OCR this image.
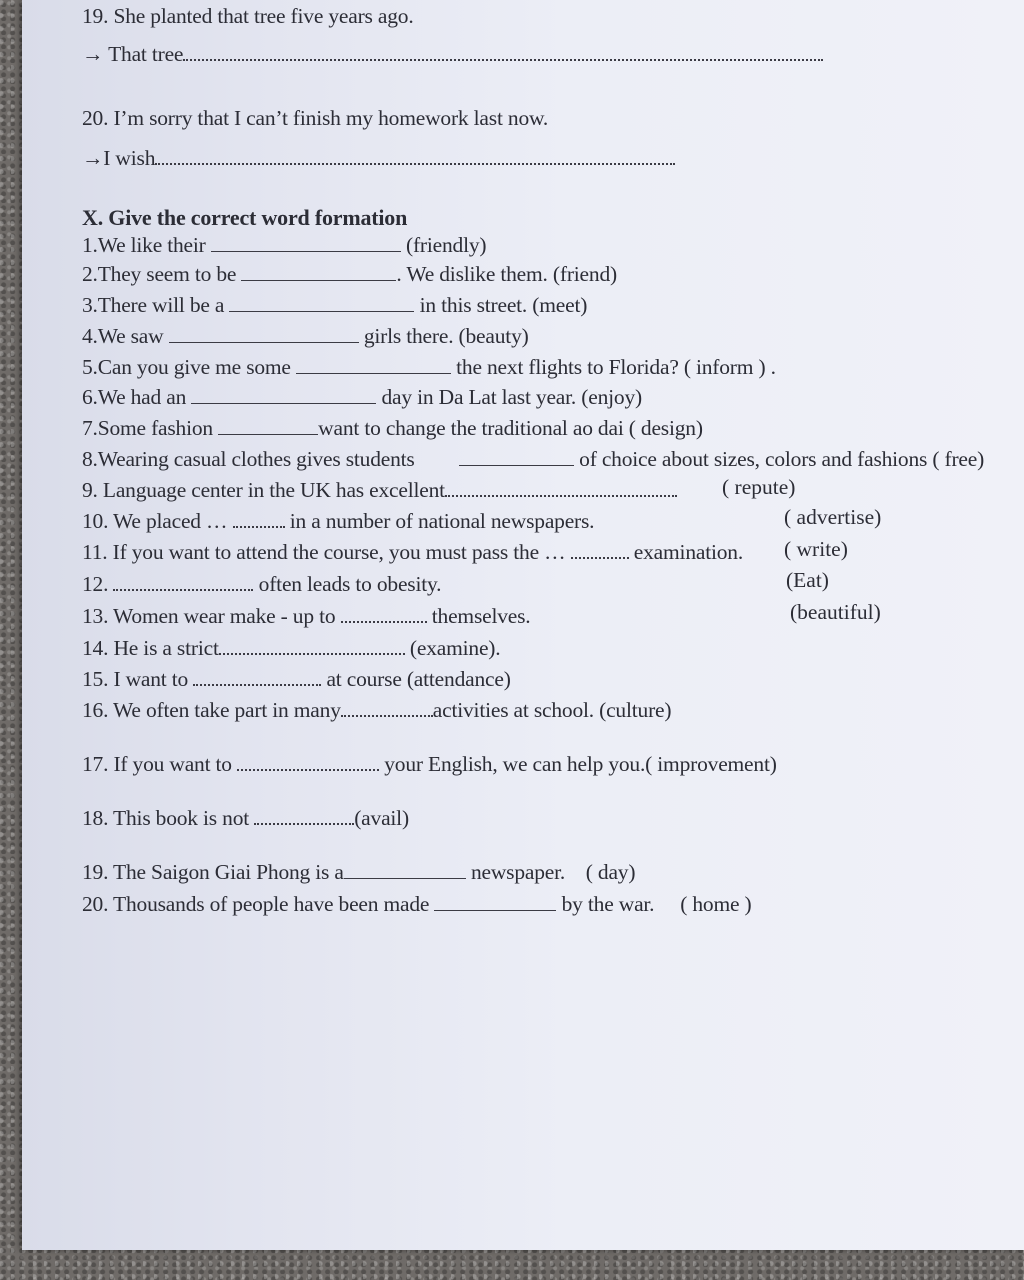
19. She planted that tree five years ago.
→ That tree
20. I’m sorry that I can’t finish my homework last now.
→I wish
X. Give the correct word formation
1.We like their	(friendly)
2.They seem to be	. We dislike them. (friend)
3.There will be a	in this street. (meet)
4.We saw	girls there. (beauty)
5.Can you give me some	the next flights to Florida? ( inform ) .
6.We had an	day in Da Lat last year. (enjoy)
7.Some fashion	want to change the traditional ao dai ( design)
8.Wearing casual clothes gives students	of choice about sizes, colors and fashions ( free)
9. Language center in the UK has excellent	( repute)
10. We placed …	in a number of national newspapers.	( advertise)
11. If you want to attend the course, you must pass the …	examination. ( write)
12.	often leads to obesity.	(Eat)
13. Women wear make - up to	themselves.	(beautiful)
14. He is a strict	(examine).
15. I want to	at course (attendance)
16. We often take part in many	activities at school. (culture)
17. If you want to	your English, we can help you.( improvement)
18. This book is not	(avail)
19. The Saigon Giai Phong is a	newspaper.    ( day)
20. Thousands of people have been made	by the war.     ( home )
